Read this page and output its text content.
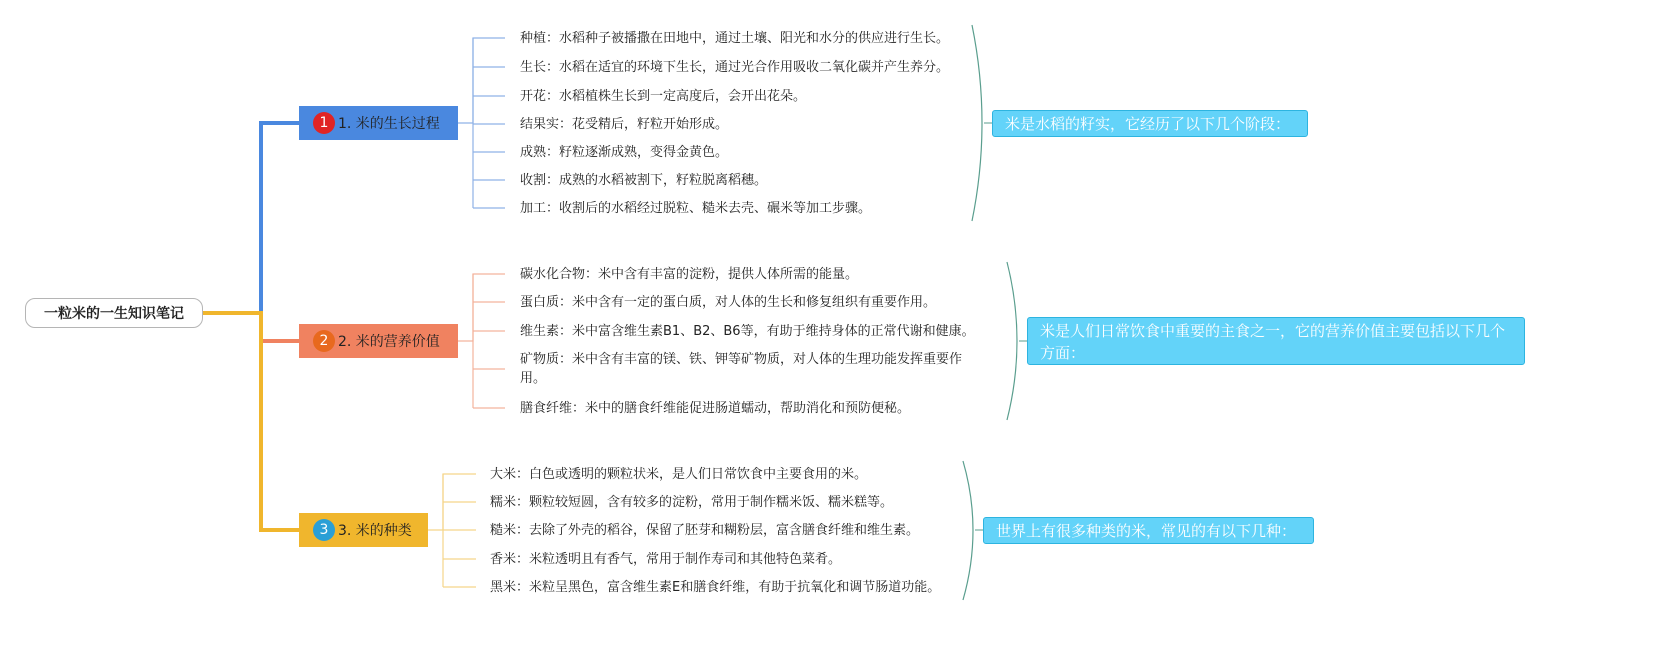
一粒米的一生知识笔记
1 1. 米的生长过程
种植：水稻种子被播撒在田地中，通过土壤、阳光和水分的供应进行生长。
生长：水稻在适宜的环境下生长，通过光合作用吸收二氧化碳并产生养分。
开花：水稻植株生长到一定高度后，会开出花朵。
结果实：花受精后，籽粒开始形成。
成熟：籽粒逐渐成熟，变得金黄色。
收割：成熟的水稻被割下，籽粒脱离稻穗。
加工：收割后的水稻经过脱粒、糙米去壳、碾米等加工步骤。
米是水稻的籽实，它经历了以下几个阶段：
2 2. 米的营养价值
碳水化合物：米中含有丰富的淀粉，提供人体所需的能量。
蛋白质：米中含有一定的蛋白质，对人体的生长和修复组织有重要作用。
维生素：米中富含维生素B1、B2、B6等，有助于维持身体的正常代谢和健康。
矿物质：米中含有丰富的镁、铁、钾等矿物质，对人体的生理功能发挥重要作用。
膳食纤维：米中的膳食纤维能促进肠道蠕动，帮助消化和预防便秘。
米是人们日常饮食中重要的主食之一，它的营养价值主要包括以下几个方面：
3 3. 米的种类
大米：白色或透明的颗粒状米，是人们日常饮食中主要食用的米。
糯米：颗粒较短圆，含有较多的淀粉，常用于制作糯米饭、糯米糕等。
糙米：去除了外壳的稻谷，保留了胚芽和糊粉层，富含膳食纤维和维生素。
香米：米粒透明且有香气，常用于制作寿司和其他特色菜肴。
黑米：米粒呈黑色，富含维生素E和膳食纤维，有助于抗氧化和调节肠道功能。
世界上有很多种类的米，常见的有以下几种：
